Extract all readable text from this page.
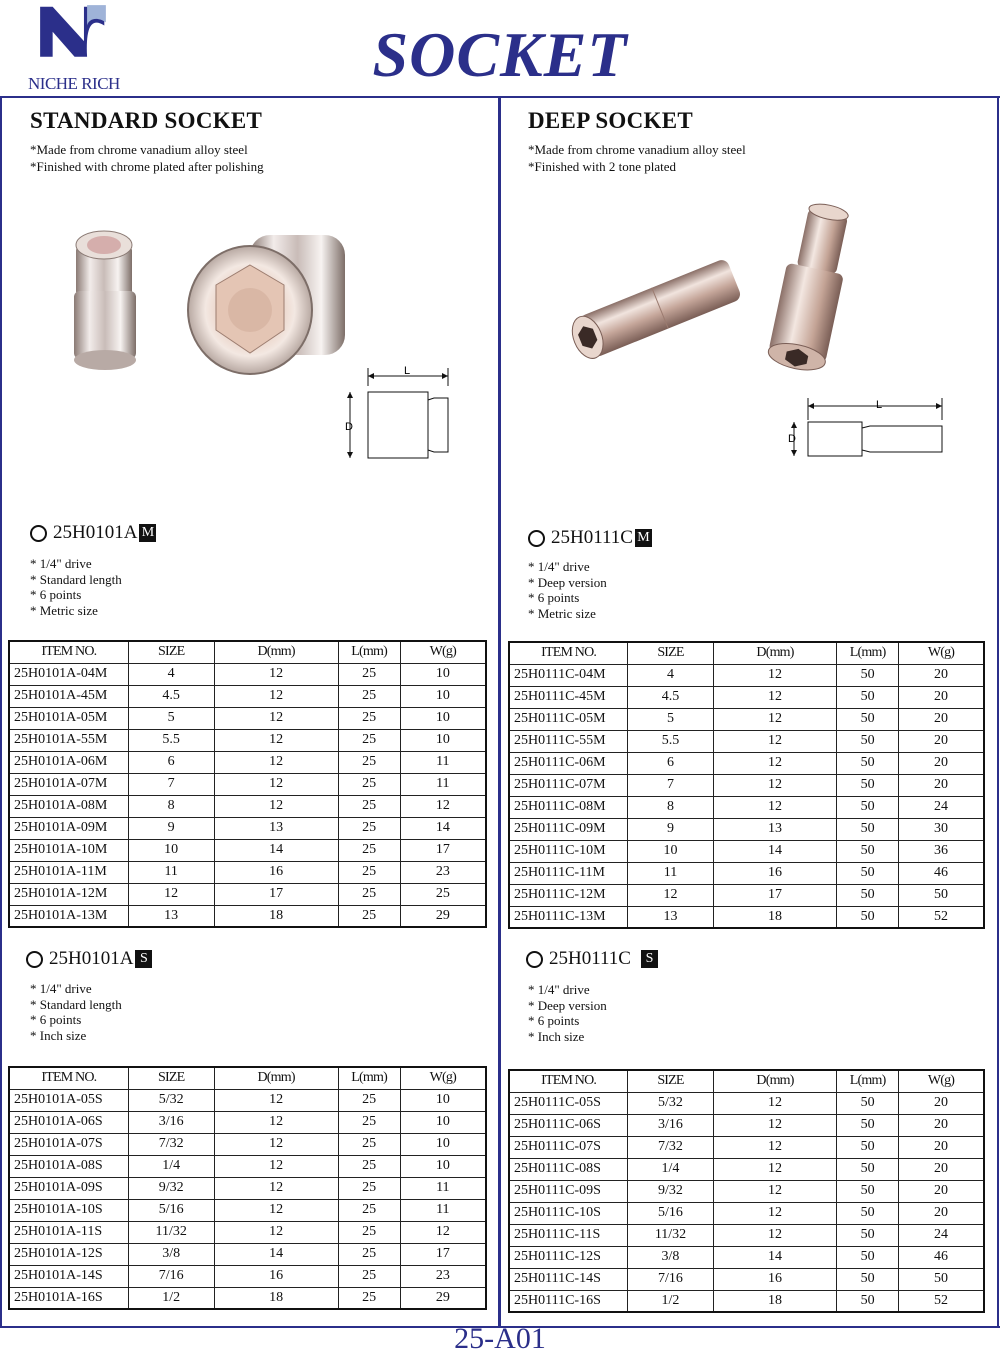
NICHE RICH	SOCKET
STANDARD SOCKET
*Made from chrome vanadium alloy steel
*Finished with chrome plated after polishing
L
D
25H0101A M
* 1/4" drive
* Standard length
* 6 points
* Metric size
ITEM NO.	SIZE	D(mm)	L(mm)	W(g)
25H0101A-04M	4	12	25	10
25H0101A-45M	4.5	12	25	10
25H0101A-05M	5	12	25	10
25H0101A-55M	5.5	12	25	10
25H0101A-06M	6	12	25	11
25H0101A-07M	7	12	25	11
25H0101A-08M	8	12	25	12
25H0101A-09M	9	13	25	14
25H0101A-10M	10	14	25	17
25H0101A-11M	11	16	25	23
25H0101A-12M	12	17	25	25
25H0101A-13M	13	18	25	29
25H0101A S
* 1/4" drive
* Standard length
* 6 points
* Inch size
ITEM NO.	SIZE	D(mm)	L(mm)	W(g)
25H0101A-05S	5/32	12	25	10
25H0101A-06S	3/16	12	25	10
25H0101A-07S	7/32	12	25	10
25H0101A-08S	1/4	12	25	10
25H0101A-09S	9/32	12	25	11
25H0101A-10S	5/16	12	25	11
25H0101A-11S	11/32	12	25	12
25H0101A-12S	3/8	14	25	17
25H0101A-14S	7/16	16	25	23
25H0101A-16S	1/2	18	25	29
DEEP SOCKET
*Made from chrome vanadium alloy steel
*Finished with 2 tone plated
L
D
25H0111C M
* 1/4" drive
* Deep version
* 6 points
* Metric size
ITEM NO.	SIZE	D(mm)	L(mm)	W(g)
25H0111C-04M	4	12	50	20
25H0111C-45M	4.5	12	50	20
25H0111C-05M	5	12	50	20
25H0111C-55M	5.5	12	50	20
25H0111C-06M	6	12	50	20
25H0111C-07M	7	12	50	20
25H0111C-08M	8	12	50	24
25H0111C-09M	9	13	50	30
25H0111C-10M	10	14	50	36
25H0111C-11M	11	16	50	46
25H0111C-12M	12	17	50	50
25H0111C-13M	13	18	50	52
25H0111C	S
* 1/4" drive
* Deep version
* 6 points
* Inch size
ITEM NO.	SIZE	D(mm)	L(mm)	W(g)
25H0111C-05S	5/32	12	50	20
25H0111C-06S	3/16	12	50	20
25H0111C-07S	7/32	12	50	20
25H0111C-08S	1/4	12	50	20
25H0111C-09S	9/32	12	50	20
25H0111C-10S	5/16	12	50	20
25H0111C-11S	11/32	12	50	24
25H0111C-12S	3/8	14	50	46
25H0111C-14S	7/16	16	50	50
25H0111C-16S	1/2	18	50	52
25-A01
